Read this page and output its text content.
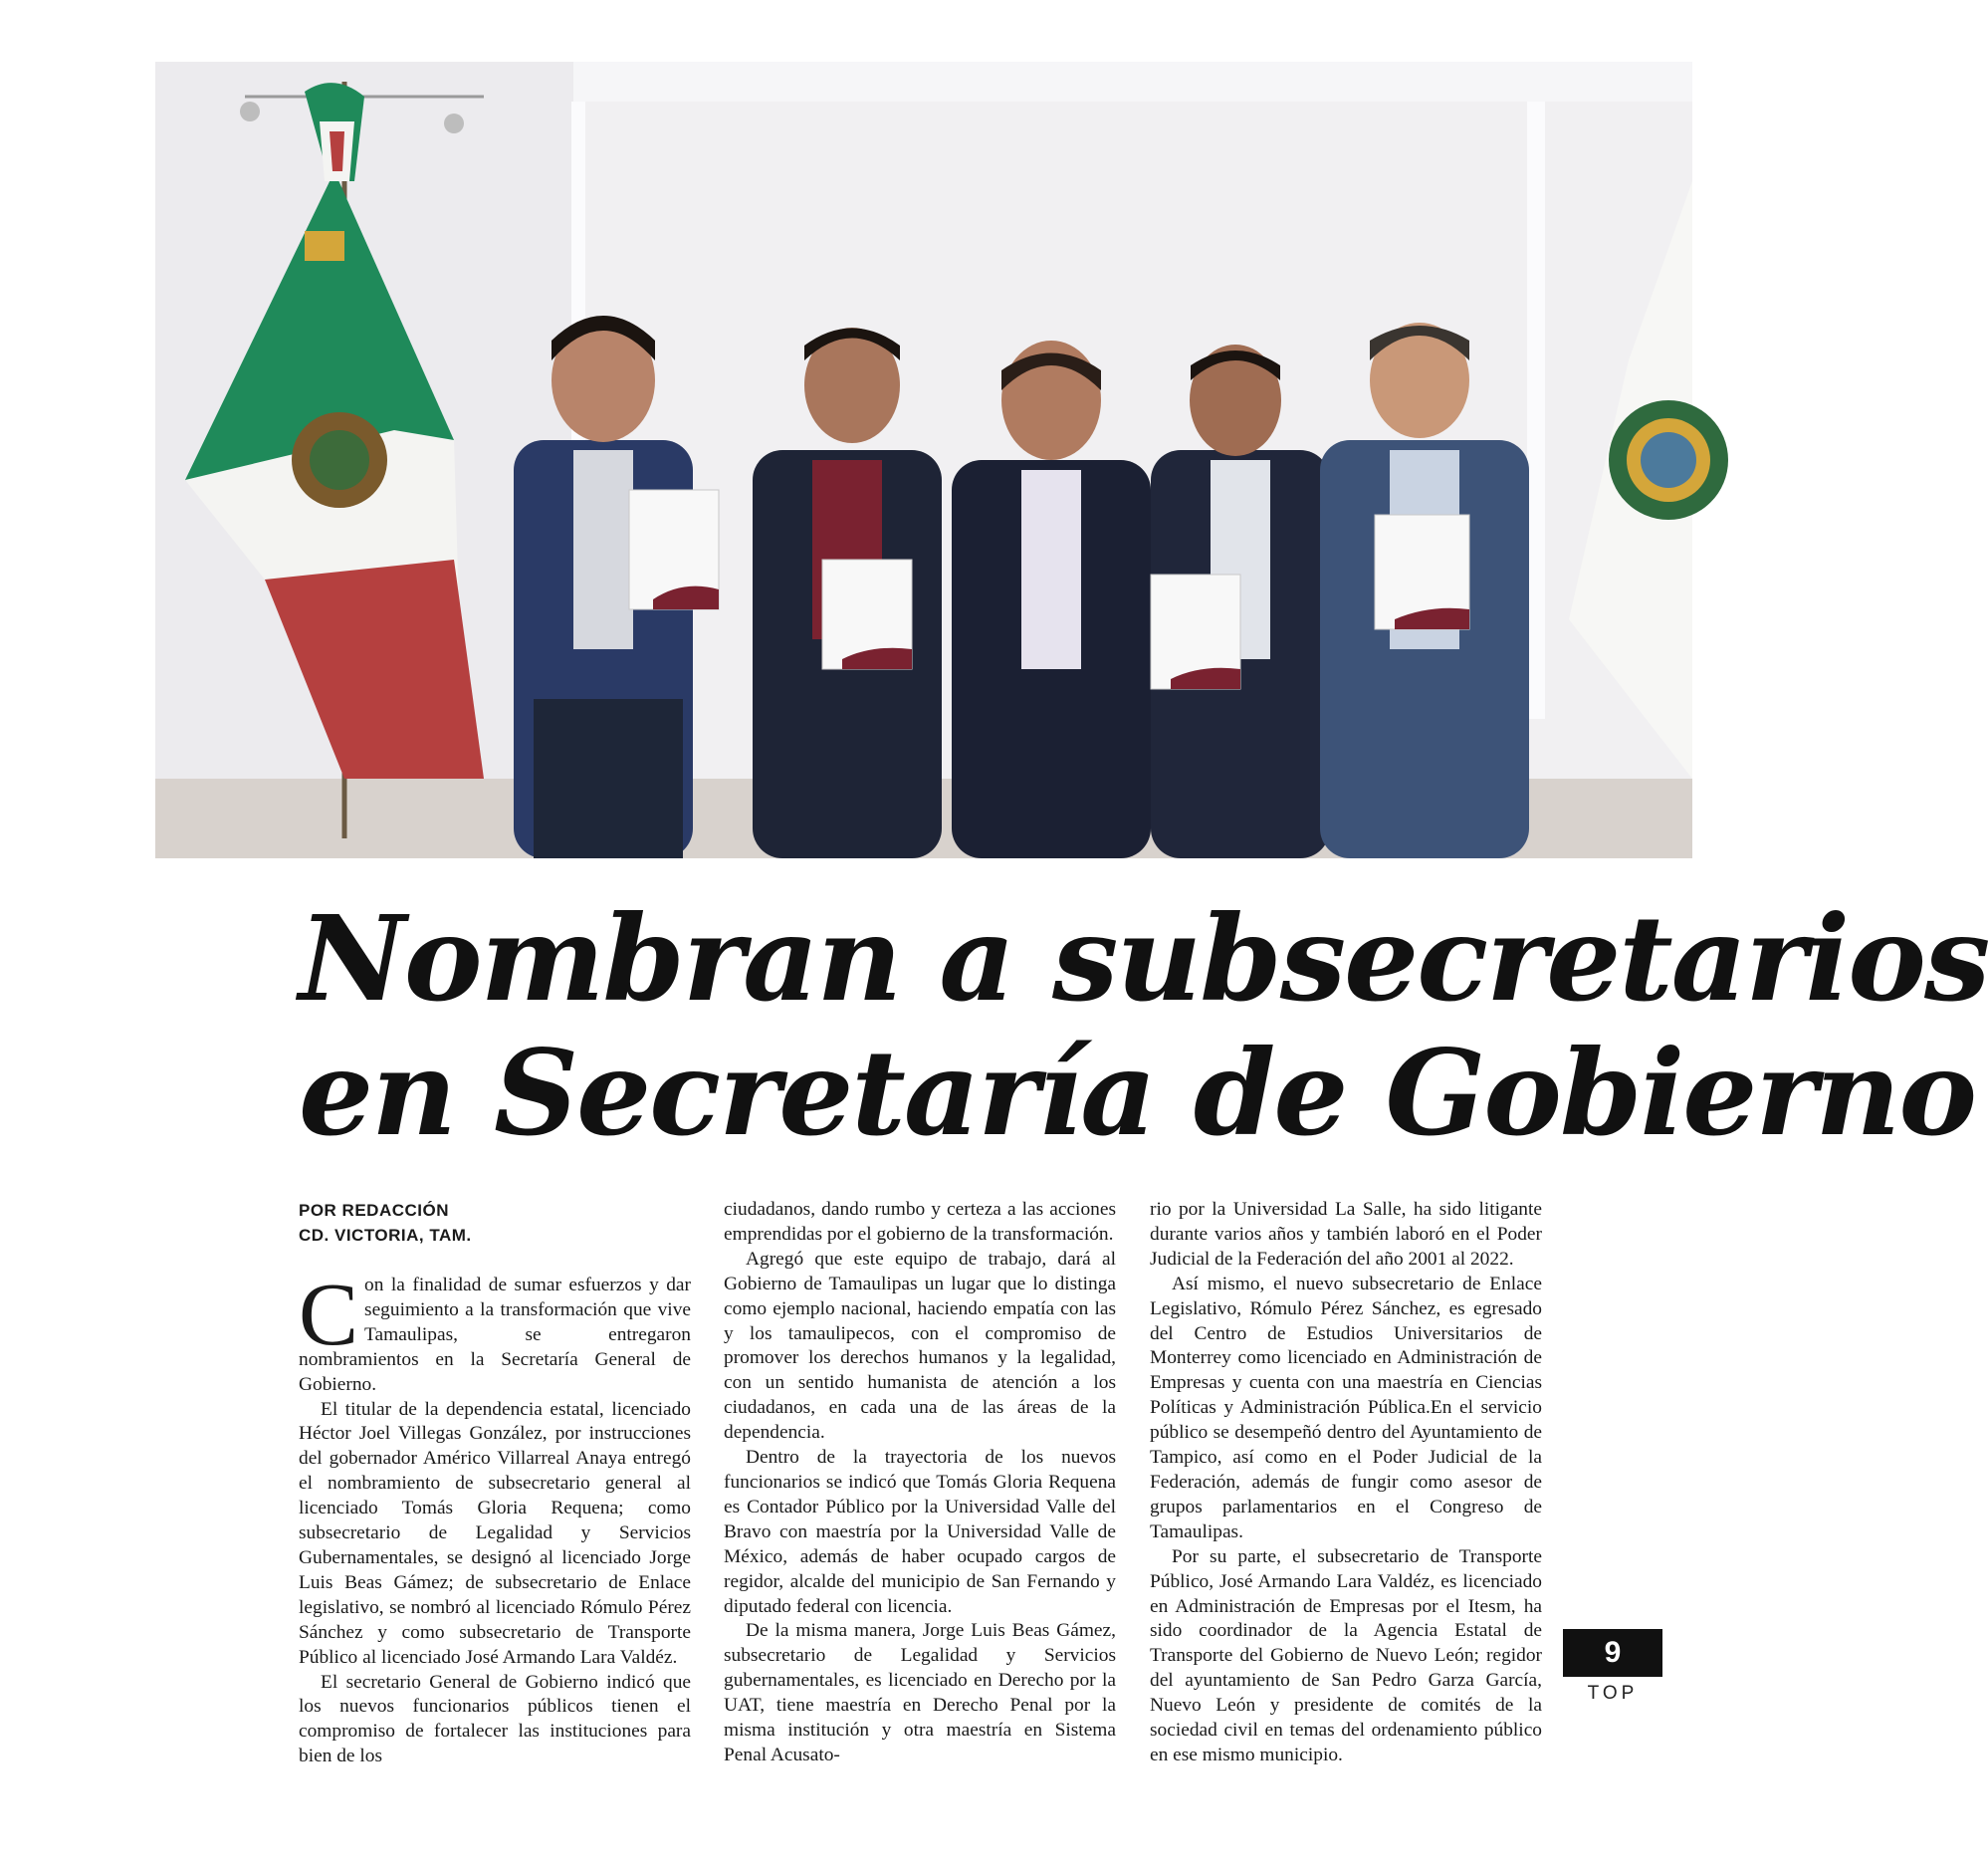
Nombran a subsecretarios
en Secretaría de Gobierno
POR REDACCIÓN
CD. VICTORIA, TAM.

Con la finalidad de sumar esfuerzos y dar seguimiento a la transformación que vive Tamaulipas, se entregaron nombramientos en la Secretaría General de Gobierno.

El titular de la dependencia estatal, licenciado Héctor Joel Villegas González, por instrucciones del gobernador Américo Villarreal Anaya entregó el nombramiento de subsecretario general al licenciado Tomás Gloria Requena; como subsecretario de Legalidad y Servicios Gubernamentales, se designó al licenciado Jorge Luis Beas Gámez; de subsecretario de Enlace legislativo, se nombró al licenciado Rómulo Pérez Sánchez y como subsecretario de Transporte Público al licenciado José Armando Lara Valdéz.

El secretario General de Gobierno indicó que los nuevos funcionarios públicos tienen el compromiso de fortalecer las instituciones para bien de los

ciudadanos, dando rumbo y certeza a las acciones emprendidas por el gobierno de la transformación.

Agregó que este equipo de trabajo, dará al Gobierno de Tamaulipas un lugar que lo distinga como ejemplo nacional, haciendo empatía con las y los tamaulipecos, con el compromiso de promover los derechos humanos y la legalidad, con un sentido humanista de atención a los ciudadanos, en cada una de las áreas de la dependencia.

Dentro de la trayectoria de los nuevos funcionarios se indicó que Tomás Gloria Requena es Contador Público por la Universidad Valle del Bravo con maestría por la Universidad Valle de México, además de haber ocupado cargos de regidor, alcalde del municipio de San Fernando y diputado federal con licencia.

De la misma manera, Jorge Luis Beas Gámez, subsecretario de Legalidad y Servicios gubernamentales, es licenciado en Derecho por la UAT, tiene maestría en Derecho Penal por la misma institución y otra maestría en Sistema Penal Acusato-

rio por la Universidad La Salle, ha sido litigante durante varios años y también laboró en el Poder Judicial de la Federación del año 2001 al 2022.

Así mismo, el nuevo subsecretario de Enlace Legislativo, Rómulo Pérez Sánchez, es egresado del Centro de Estudios Universitarios de Monterrey como licenciado en Administración de Empresas y cuenta con una maestría en Ciencias Políticas y Administración Pública.En el servicio público se desempeñó dentro del Ayuntamiento de Tampico, así como en el Poder Judicial de la Federación, además de fungir como asesor de grupos parlamentarios en el Congreso de Tamaulipas.

Por su parte, el subsecretario de Transporte Público, José Armando Lara Valdéz, es licenciado en Administración de Empresas por el Itesm, ha sido coordinador de la Agencia Estatal de Transporte del Gobierno de Nuevo León; regidor del ayuntamiento de San Pedro Garza García, Nuevo León y presidente de comités de la sociedad civil en temas del ordenamiento público en ese mismo municipio.

9
TOP
